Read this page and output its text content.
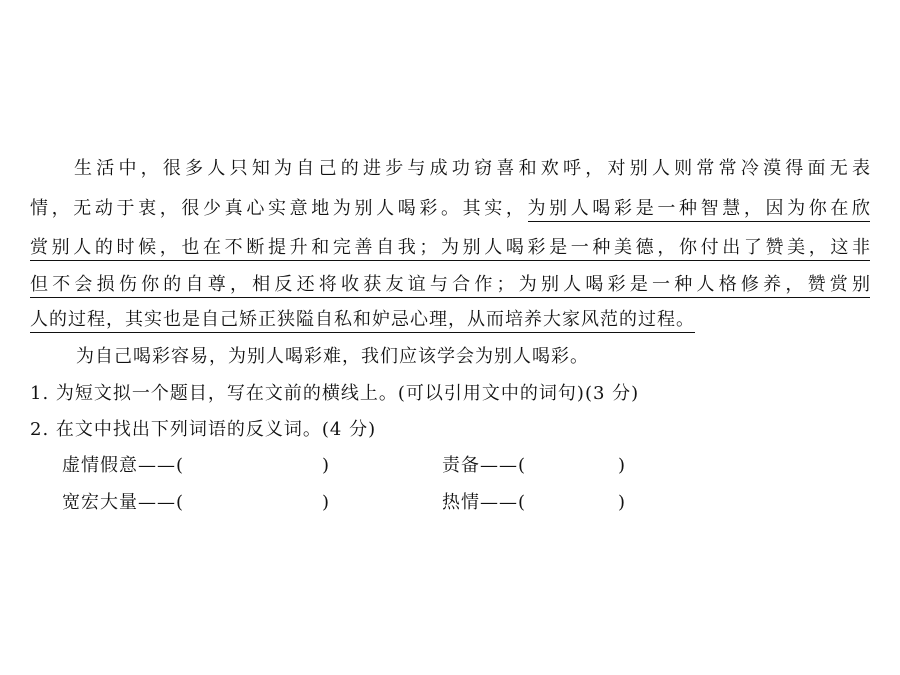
生活中，很多人只知为自己的进步与成功窃喜和欢呼，对别人则常常冷漠得面无表
情，无动于衷，很少真心实意地为别人喝彩。其实，为别人喝彩是一种智慧，因为你在欣
赏别人的时候，也在不断提升和完善自我；为别人喝彩是一种美德，你付出了赞美，这非
但不会损伤你的自尊，相反还将收获友谊与合作；为别人喝彩是一种人格修养，赞赏别
人的过程，其实也是自己矫正狭隘自私和妒忌心理，从而培养大家风范的过程。
为自己喝彩容易，为别人喝彩难，我们应该学会为别人喝彩。
1. 为短文拟一个题目，写在文前的横线上。(可以引用文中的词句)(3 分)
2. 在文中找出下列词语的反义词。(4 分)
虚情假意——(	)	责备——(	)
宽宏大量——(	)	热情——(	)
